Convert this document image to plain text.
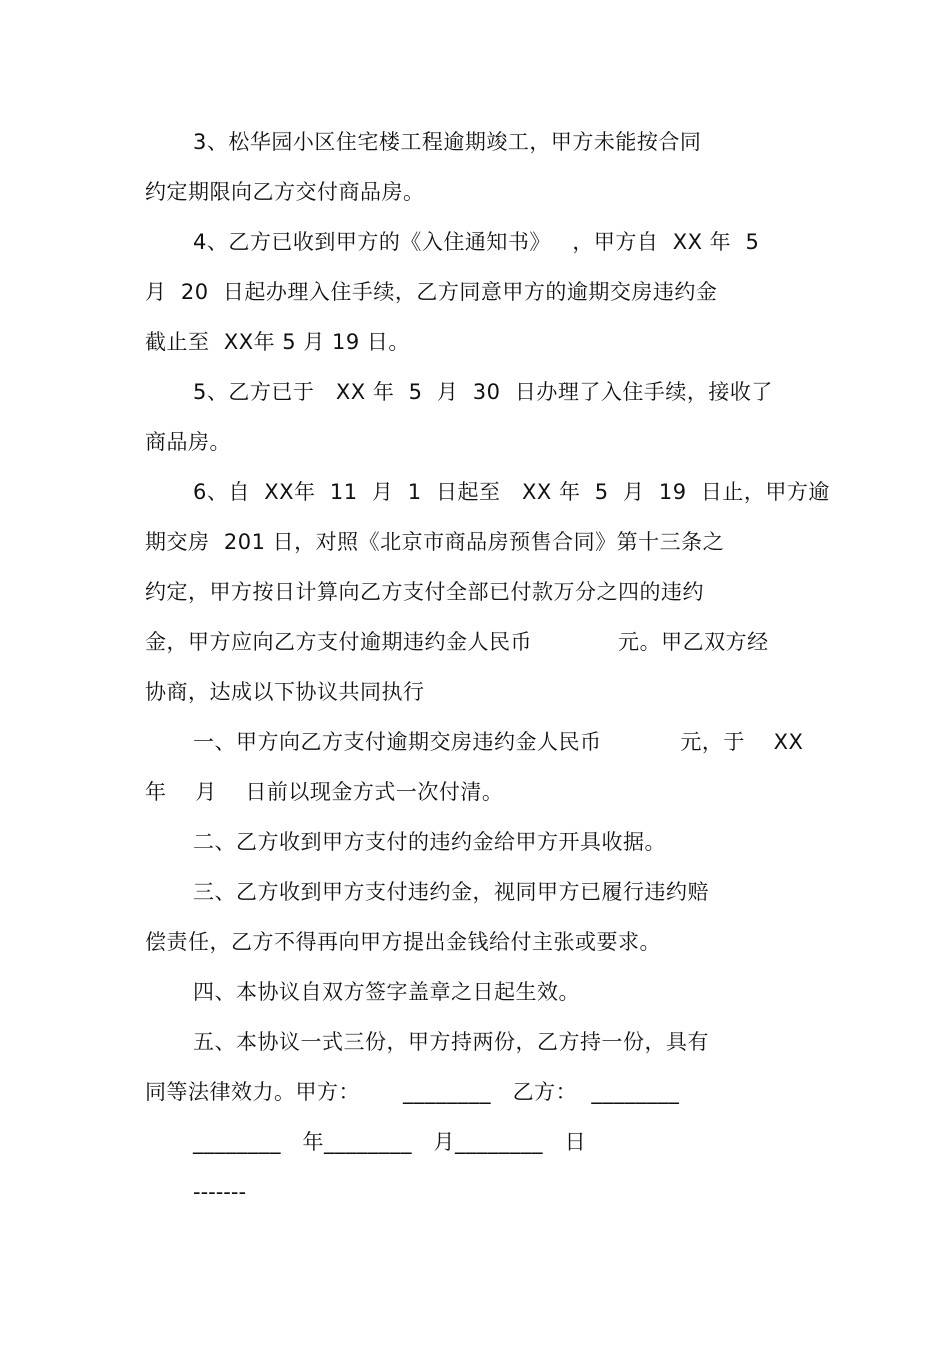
3、松华园小区住宅楼工程逾期竣工，甲方未能按合同
约定期限向乙方交付商品房。
4、乙方已收到甲方的《入住通知书》   ，甲方自  XX 年  5
月  20  日起办理入住手续，乙方同意甲方的逾期交房违约金
截止至  XX年 5 月 19 日。
5、乙方已于   XX 年  5  月  30  日办理了入住手续，接收了
商品房。
6、自  XX年  11  月  1  日起至   XX 年  5  月  19  日止，甲方逾
期交房  201 日，对照《北京市商品房预售合同》第十三条之
约定，甲方按日计算向乙方支付全部已付款万分之四的违约
金，甲方应向乙方支付逾期违约金人民币            元。甲乙双方经
协商，达成以下协议共同执行
一、甲方向乙方支付逾期交房违约金人民币           元，于    XX
年    月    日前以现金方式一次付清。
二、乙方收到甲方支付的违约金给甲方开具收据。
三、乙方收到甲方支付违约金，视同甲方已履行违约赔
偿责任，乙方不得再向甲方提出金钱给付主张或要求。
四、本协议自双方签字盖章之日起生效。
五、本协议一式三份，甲方持两份，乙方持一份，具有
同等法律效力。甲方：      ________   乙方：  ________
________   年________   月________   日
-------
